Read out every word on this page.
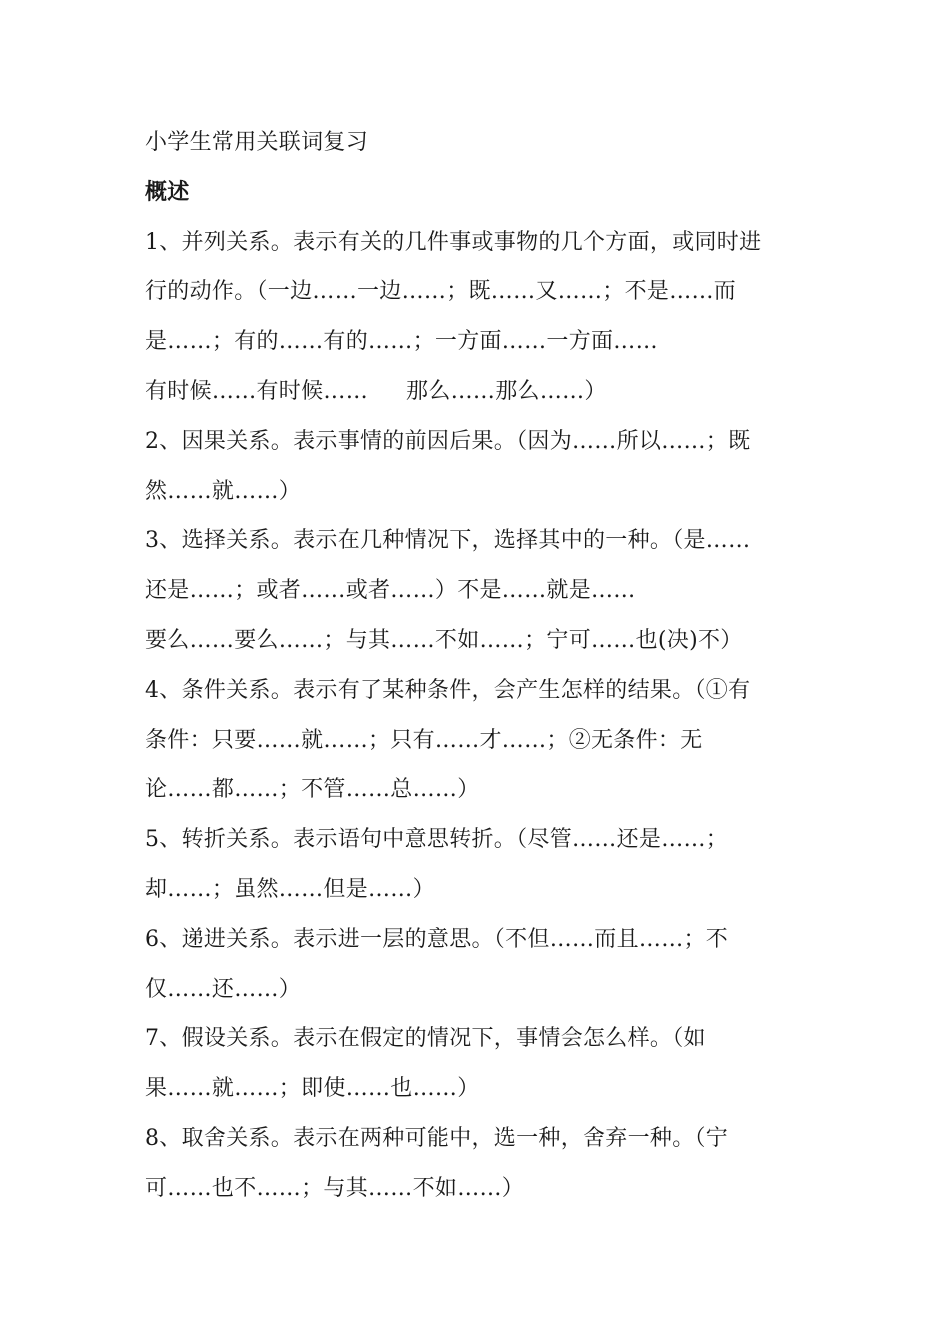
小学生常用关联词复习
概述
1、并列关系。表示有关的几件事或事物的几个方面，或同时进
行的动作。（一边……一边……；既……又……；不是……而
是……；有的……有的……；一方面……一方面……
有时候……有时候…… 那么……那么……）
2、因果关系。表示事情的前因后果。（因为……所以……；既
然……就……）
3、选择关系。表示在几种情况下，选择其中的一种。（是……
还是……；或者……或者……）不是……就是……
要么……要么……；与其……不如……；宁可……也(决)不）
4、条件关系。表示有了某种条件，会产生怎样的结果。（①有
条件：只要……就……；只有……才……；②无条件：无
论……都……；不管……总……）
5、转折关系。表示语句中意思转折。（尽管……还是……；
却……；虽然……但是……）
6、递进关系。表示进一层的意思。（不但……而且……；不
仅……还……）
7、假设关系。表示在假定的情况下，事情会怎么样。（如
果……就……；即使……也……）
8、取舍关系。表示在两种可能中，选一种，舍弃一种。（宁
可……也不……；与其……不如……）
